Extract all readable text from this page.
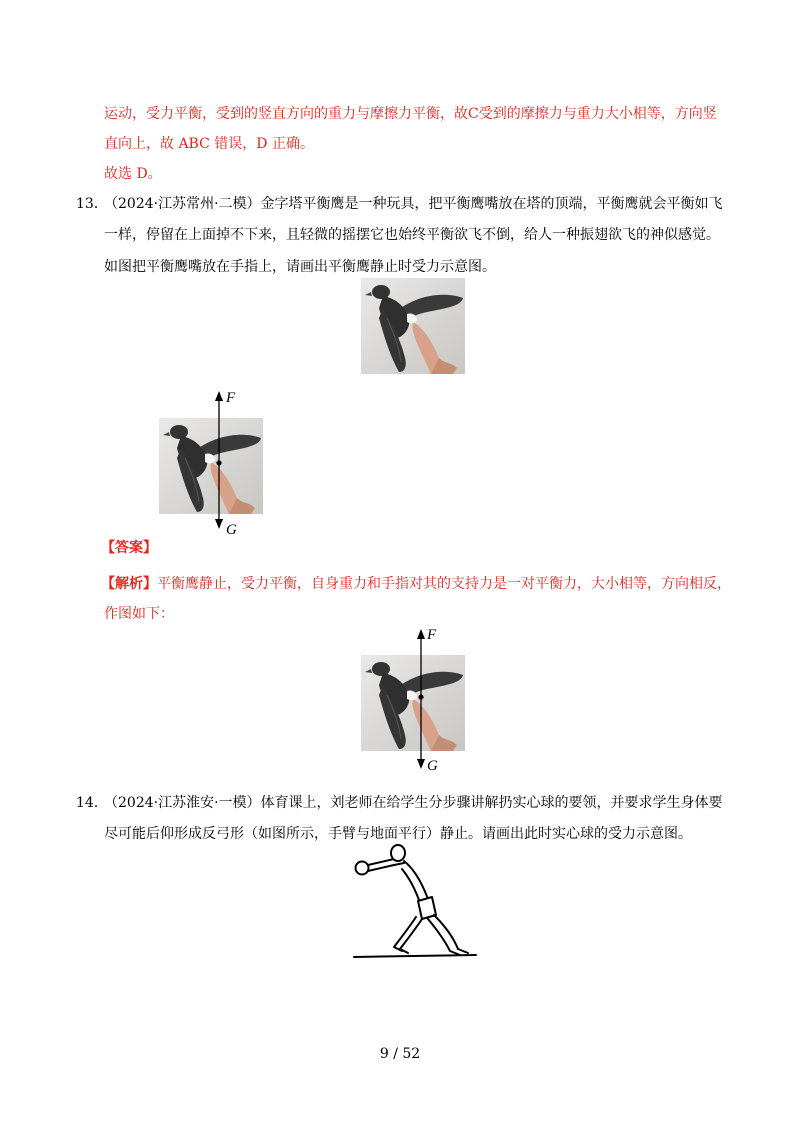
运动，受力平衡，受到的竖直方向的重力与摩擦力平衡，故C受到的摩擦力与重力大小相等，方向竖
直向上，故 ABC 错误，D 正确。
故选 D。
13．
（2024·江苏常州·二模）金字塔平衡鹰是一种玩具，把平衡鹰嘴放在塔的顶端，平衡鹰就会平衡如飞
一样，停留在上面掉不下来，且轻微的摇摆它也始终平衡欲飞不倒，给人一种振翅欲飞的神似感觉。
如图把平衡鹰嘴放在手指上，请画出平衡鹰静止时受力示意图。
F
G
【答案】
【解析】平衡鹰静止，受力平衡，自身重力和手指对其的支持力是一对平衡力，大小相等，方向相反，
作图如下：
F
G
14．
（2024·江苏淮安·一模）体育课上，刘老师在给学生分步骤讲解扔实心球的要领，并要求学生身体要
尽可能后仰形成反弓形（如图所示，手臂与地面平行）静止。请画出此时实心球的受力示意图。
9 / 52
